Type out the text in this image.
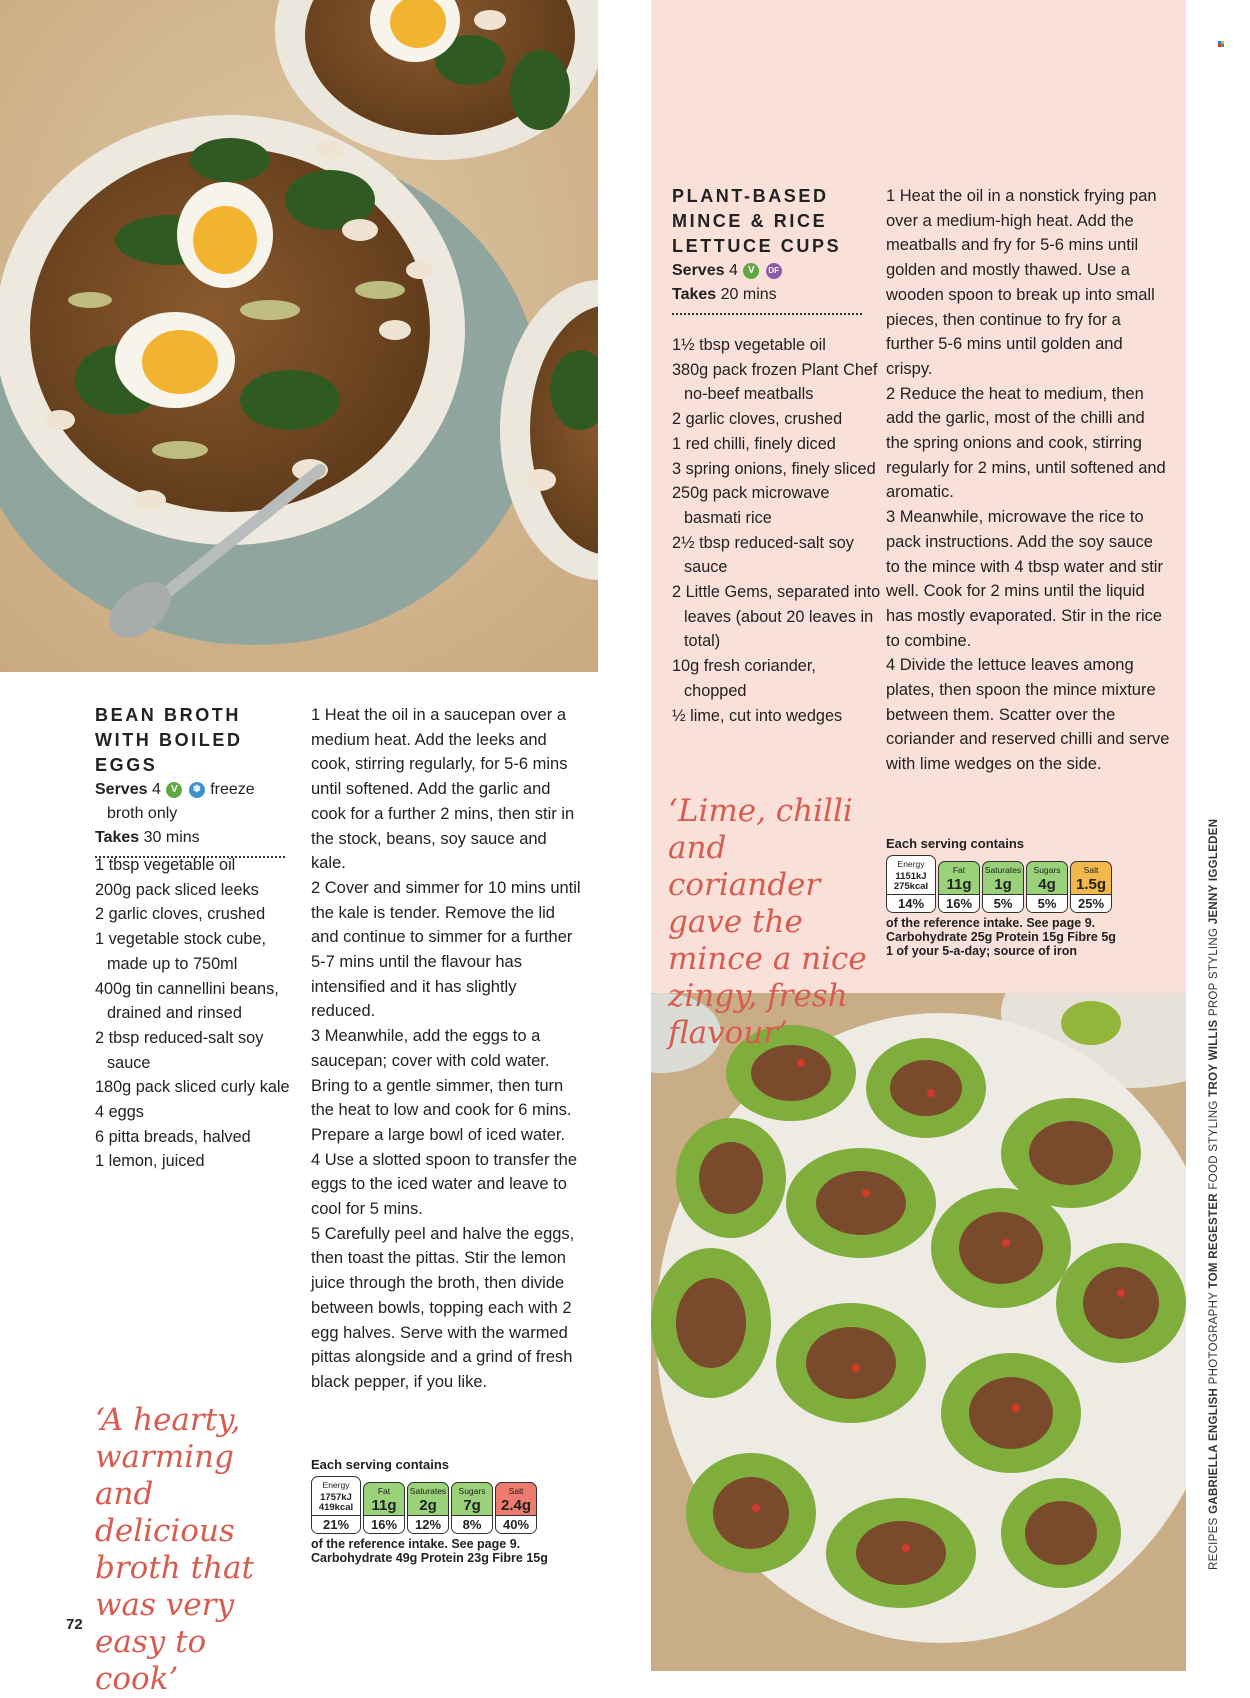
BEAN BROTH
WITH BOILED EGGS
Serves 4 V ❄ freeze
broth only
Takes 30 mins
1 tbsp vegetable oil
200g pack sliced leeks
2 garlic cloves, crushed
1 vegetable stock cube, made up to 750ml
400g tin cannellini beans, drained and rinsed
2 tbsp reduced-salt soy sauce
180g pack sliced curly kale
4 eggs
6 pitta breads, halved
1 lemon, juiced

1 Heat the oil in a saucepan over a medium heat. Add the leeks and cook, stirring regularly, for 5-6 mins until softened. Add the garlic and cook for a further 2 mins, then stir in the stock, beans, soy sauce and kale.

2 Cover and simmer for 10 mins until the kale is tender. Remove the lid and continue to simmer for a further 5-7 mins until the flavour has intensified and it has slightly reduced.

3 Meanwhile, add the eggs to a saucepan; cover with cold water. Bring to a gentle simmer, then turn the heat to low and cook for 6 mins. Prepare a large bowl of iced water.

4 Use a slotted spoon to transfer the eggs to the iced water and leave to cool for 5 mins.

5 Carefully peel and halve the eggs, then toast the pittas. Stir the lemon juice through the broth, then divide between bowls, topping each with 2 egg halves. Serve with the warmed pittas alongside and a grind of fresh black pepper, if you like.

‘A hearty, warming and delicious broth that was very easy to cook’
Each serving contains
Energy
1757kJ
419kcal
21%
Fat
11g
16%
Saturates
2g
12%
Sugars
7g
8%
Salt
2.4g
40%
of the reference intake. See page 9.
Carbohydrate 49g Protein 23g Fibre 15g
PLANT-BASED
MINCE & RICE
LETTUCE CUPS
Serves 4 V DF
Takes 20 mins
1½ tbsp vegetable oil
380g pack frozen Plant Chef no-beef meatballs
2 garlic cloves, crushed
1 red chilli, finely diced
3 spring onions, finely sliced
250g pack microwave basmati rice
2½ tbsp reduced-salt soy sauce
2 Little Gems, separated into leaves (about 20 leaves in total)
10g fresh coriander, chopped
½ lime, cut into wedges
‘Lime, chilli and coriander gave the mince a nice zingy, fresh flavour’

1 Heat the oil in a nonstick frying pan over a medium-high heat. Add the meatballs and fry for 5-6 mins until golden and mostly thawed. Use a wooden spoon to break up into small pieces, then continue to fry for a further 5-6 mins until golden and crispy.

2 Reduce the heat to medium, then add the garlic, most of the chilli and the spring onions and cook, stirring regularly for 2 mins, until softened and aromatic.

3 Meanwhile, microwave the rice to pack instructions. Add the soy sauce to the mince with 4 tbsp water and stir well. Cook for 2 mins until the liquid has mostly evaporated. Stir in the rice to combine.

4 Divide the lettuce leaves among plates, then spoon the mince mixture between them. Scatter over the coriander and reserved chilli and serve with lime wedges on the side.

Each serving contains
Energy
1151kJ
275kcal
14%
Fat
11g
16%
Saturates
1g
5%
Sugars
4g
5%
Salt
1.5g
25%
of the reference intake. See page 9.
Carbohydrate 25g Protein 15g Fibre 5g
1 of your 5-a-day; source of iron
RECIPES GABRIELLA ENGLISH PHOTOGRAPHY TOM REGESTER FOOD STYLING TROY WILLIS PROP STYLING JENNY IGGLEDEN
72
